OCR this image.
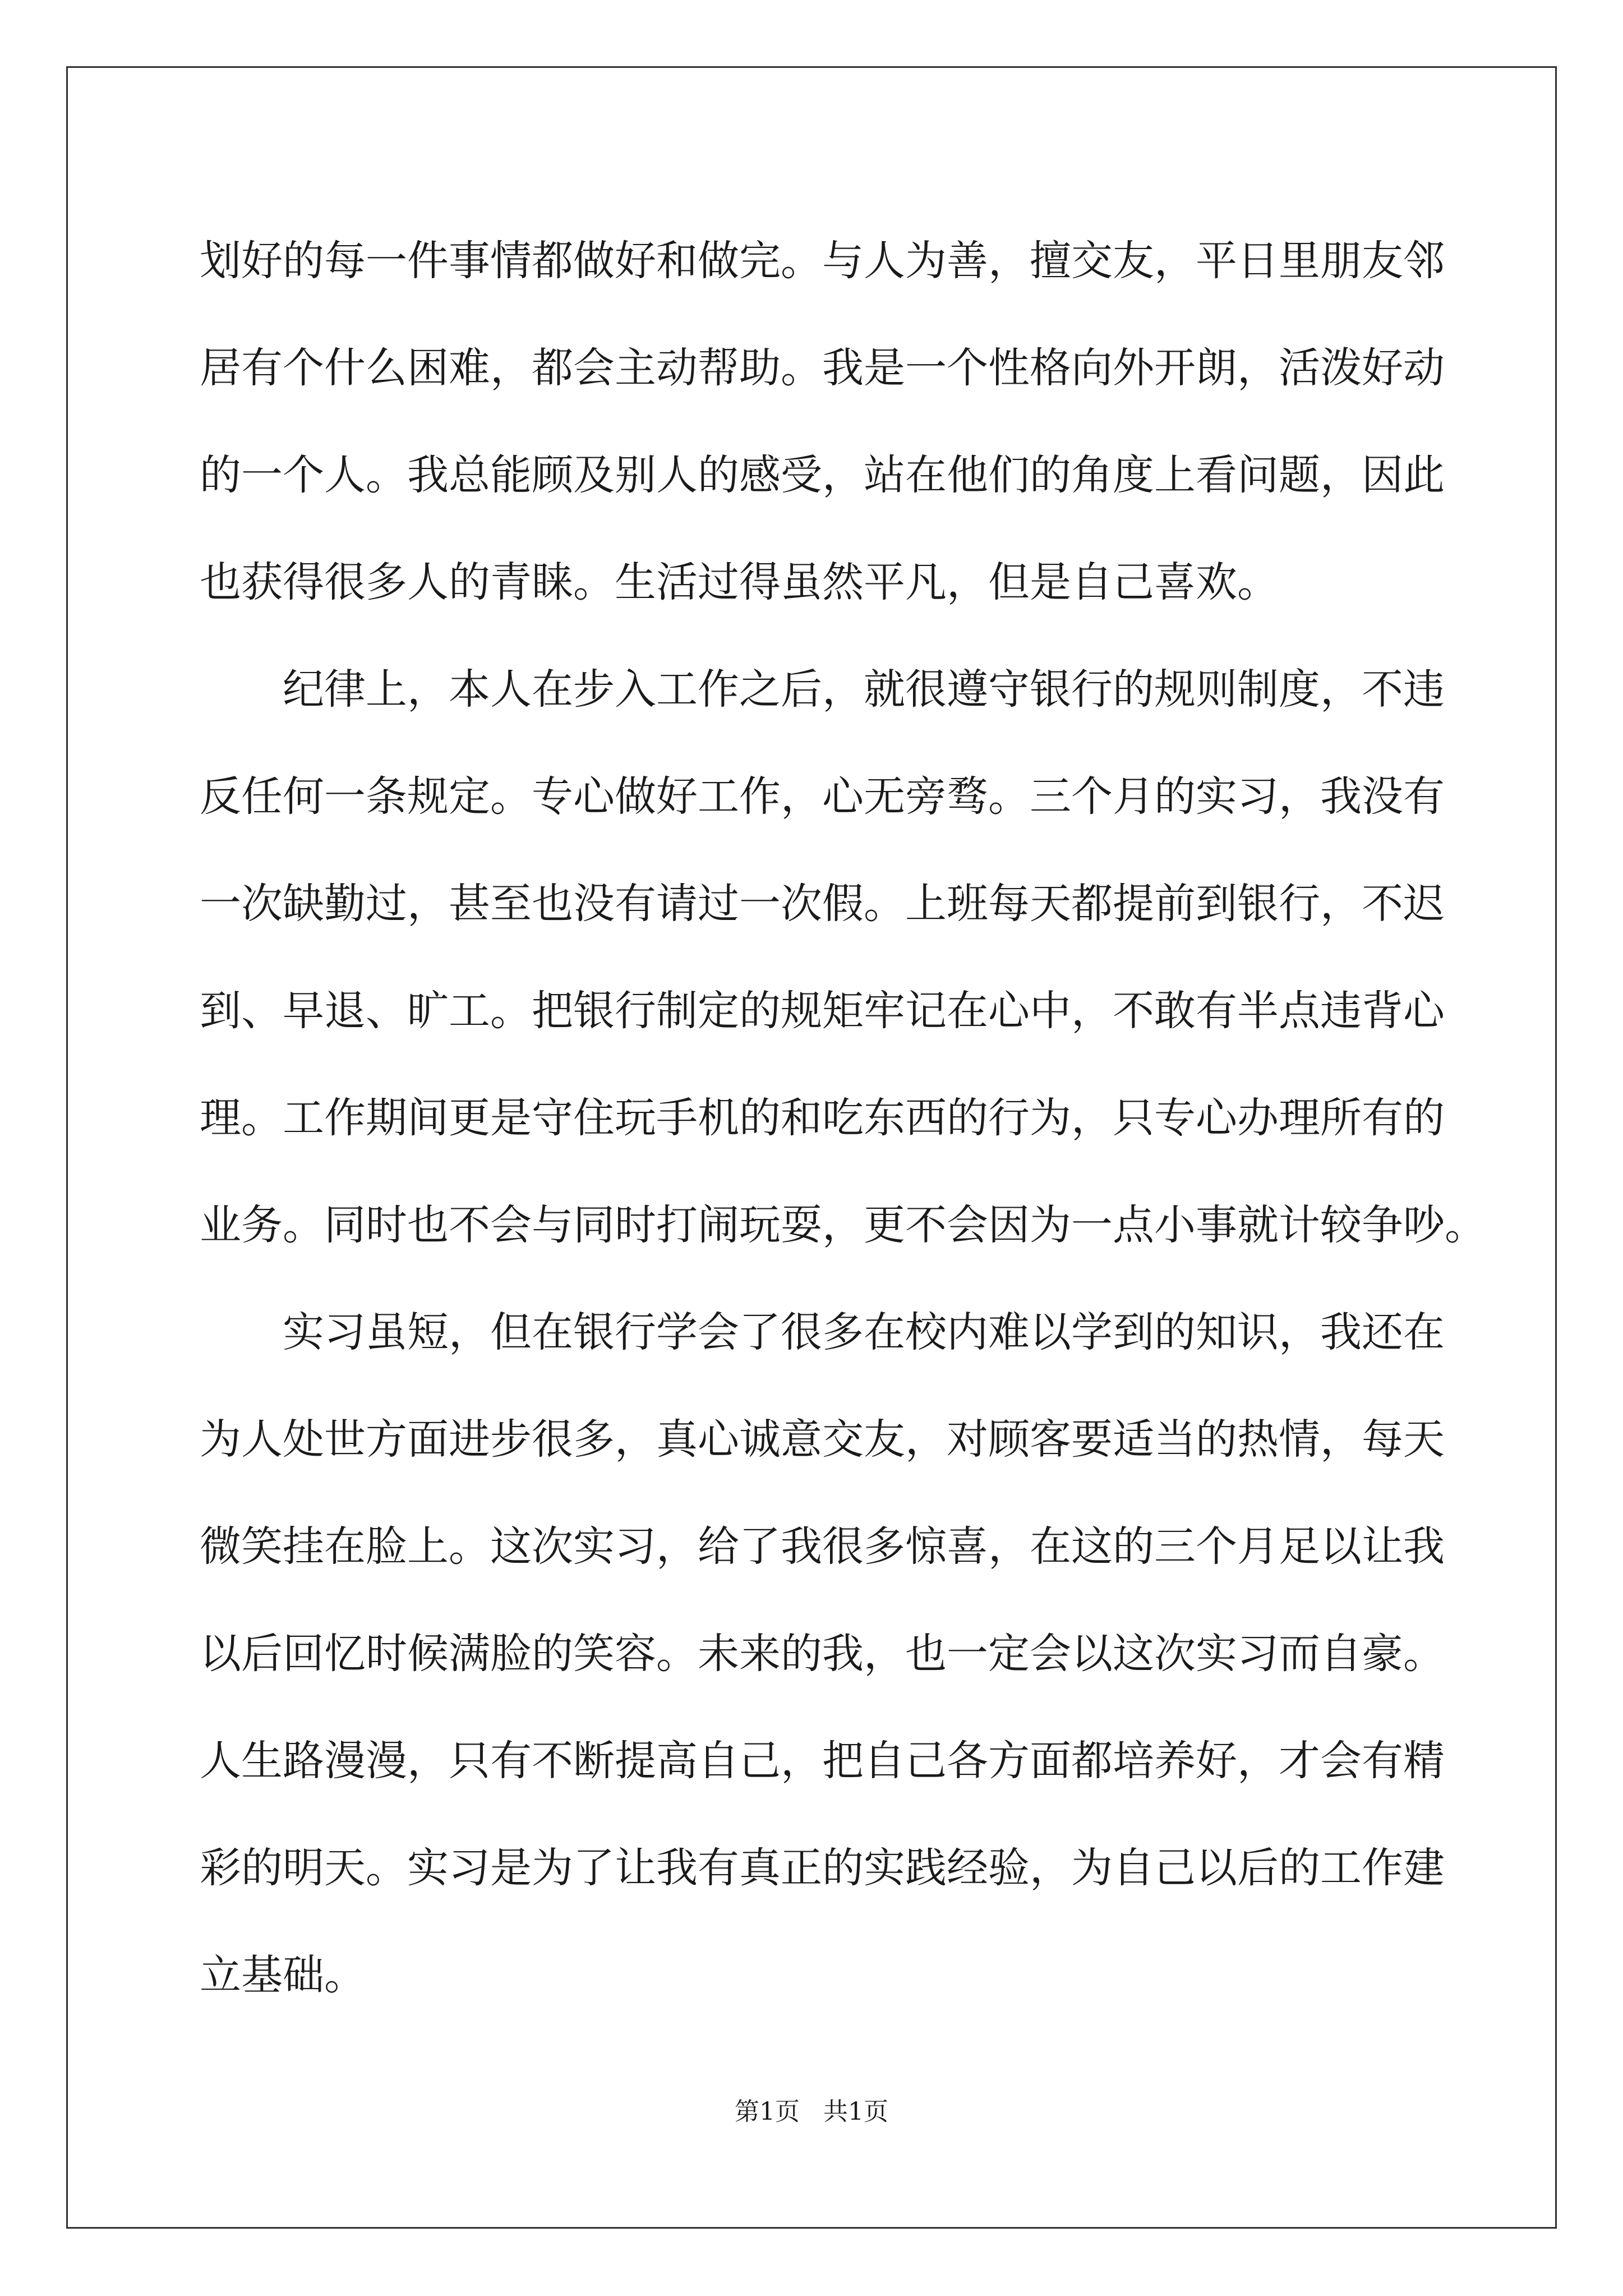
划好的每一件事情都做好和做完。与人为善，擅交友，平日里朋友邻
居有个什么困难，都会主动帮助。我是一个性格向外开朗，活泼好动
的一个人。我总能顾及别人的感受，站在他们的角度上看问题，因此
也获得很多人的青睐。生活过得虽然平凡，但是自己喜欢。
纪律上，本人在步入工作之后，就很遵守银行的规则制度，不违
反任何一条规定。专心做好工作，心无旁骛。三个月的实习，我没有
一次缺勤过，甚至也没有请过一次假。上班每天都提前到银行，不迟
到、早退、旷工。把银行制定的规矩牢记在心中，不敢有半点违背心
理。工作期间更是守住玩手机的和吃东西的行为，只专心办理所有的
业务。同时也不会与同时打闹玩耍，更不会因为一点小事就计较争吵。
实习虽短，但在银行学会了很多在校内难以学到的知识，我还在
为人处世方面进步很多，真心诚意交友，对顾客要适当的热情，每天
微笑挂在脸上。这次实习，给了我很多惊喜，在这的三个月足以让我
以后回忆时候满脸的笑容。未来的我，也一定会以这次实习而自豪。
人生路漫漫，只有不断提高自己，把自己各方面都培养好，才会有精
彩的明天。实习是为了让我有真正的实践经验，为自己以后的工作建
立基础。
第1页   共1页
